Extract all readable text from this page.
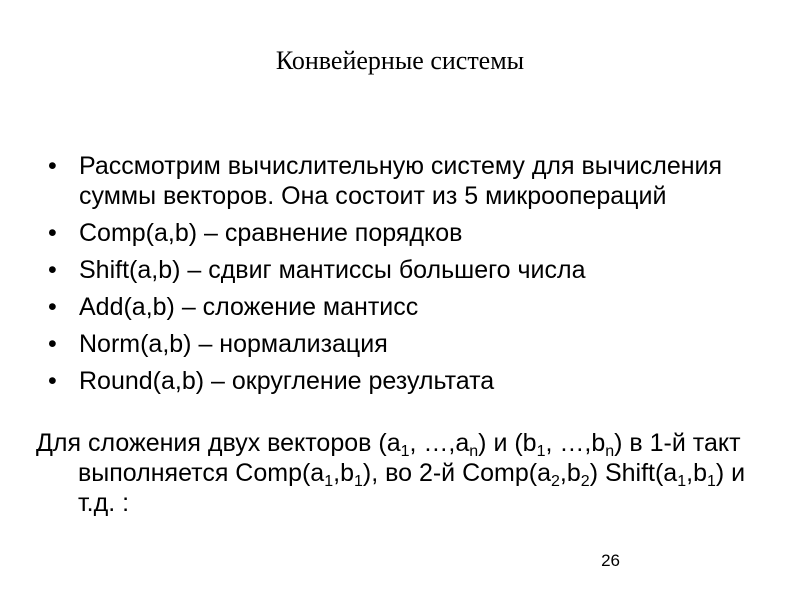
Конвейерные системы
• Рассмотрим вычислительную систему для вычисления суммы векторов. Она состоит из 5 микроопераций
• Comp(a,b) – сравнение порядков
• Shift(a,b) – сдвиг мантиссы большего числа
• Add(a,b) – сложение мантисс
• Norm(a,b) – нормализация
• Round(a,b) – округление результата
Для сложения двух векторов ($a_1$, $\dots,a_n$) и ($b_1$, $\dots,b_n$) в 1-й такт выполняется $Comp(a_1,b_1)$, во 2-й $Comp(a_2,b_2)$ $Shift(a_1,b_1)$ и т.д. :
26
